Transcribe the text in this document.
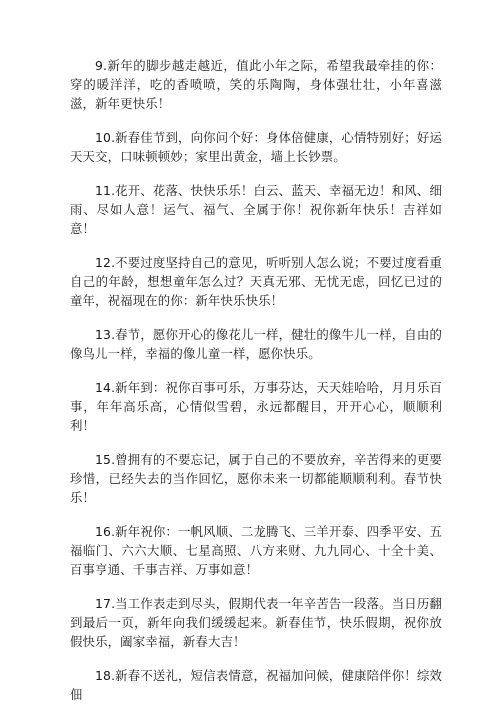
9.新年的脚步越走越近，值此小年之际，希望我最牵挂的你：穿的暖洋洋，吃的香喷喷，笑的乐陶陶，身体强壮壮，小年喜滋滋，新年更快乐！

10.新春佳节到，向你问个好：身体倍健康，心情特别好；好运天天交，口味顿顿妙；家里出黄金，墙上长钞票。

11.花开、花落、快快乐乐！白云、蓝天、幸福无边！和风、细雨、尽如人意！运气、福气、全属于你！祝你新年快乐！吉祥如意！

12.不要过度坚持自己的意见，听听别人怎么说；不要过度看重自己的年龄，想想童年怎么过？天真无邪、无忧无虑，回忆已过的童年，祝福现在的你：新年快乐快乐！

13.春节，愿你开心的像花儿一样，健壮的像牛儿一样，自由的像鸟儿一样，幸福的像儿童一样，愿你快乐。

14.新年到：祝你百事可乐，万事芬达，天天娃哈哈，月月乐百事，年年高乐高，心情似雪碧，永远都醒目，开开心心，顺顺利利！

15.曾拥有的不要忘记，属于自己的不要放弃，辛苦得来的更要珍惜，已经失去的当作回忆，愿你未来一切都能顺顺利利。春节快乐！

16.新年祝你：一帆风顺、二龙腾飞、三羊开泰、四季平安、五福临门、六六大顺、七星高照、八方来财、九九同心、十全十美、百事亨通、千事吉祥、万事如意！

17.当工作表走到尽头，假期代表一年辛苦告一段落。当日历翻到最后一页，新年向我们缓缓起来。新春佳节，快乐假期，祝你放假快乐，阖家幸福，新春大吉！

18.新春不送礼，短信表情意，祝福加问候，健康陪伴你！综效佃
